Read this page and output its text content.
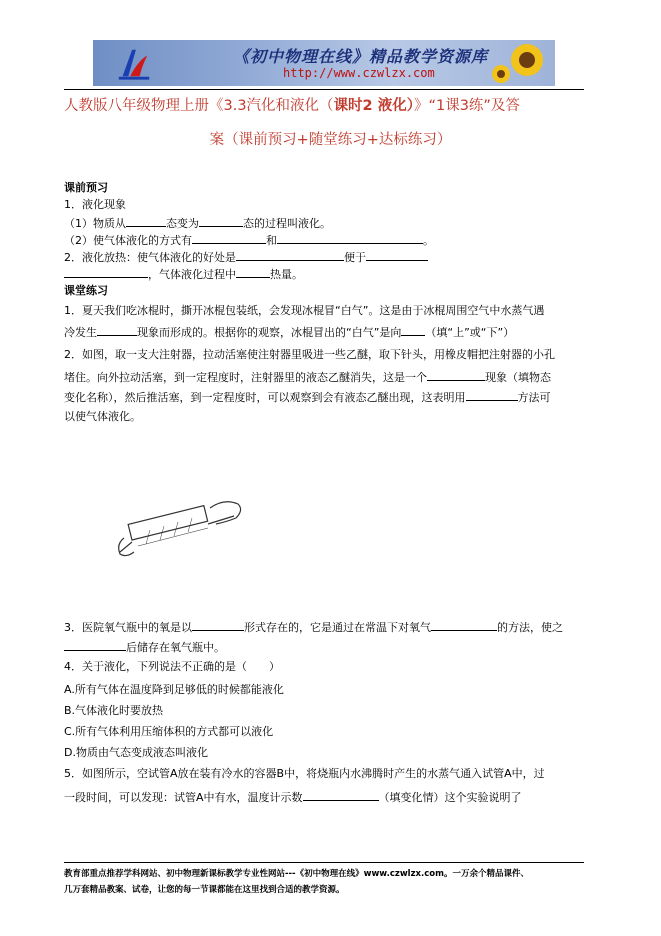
《初中物理在线》精品教学资源库
http://www.czwlzx.com
人教版八年级物理上册《3.3汽化和液化（课时2 液化）》“1课3练”及答
案（课前预习+随堂练习+达标练习）
课前预习
1．液化现象
（1）物质从	态变为	态的过程叫液化。
（2）使气体液化的方式有	和	。
2．液化放热：使气体液化的好处是	便于
，气体液化过程中	热量。
课堂练习
1．夏天我们吃冰棍时，撕开冰棍包装纸，会发现冰棍冒“白气”。这是由于冰棍周围空气中水蒸气遇
冷发生	现象而形成的。根据你的观察，冰棍冒出的“白气”是向 （填“上”或“下”）
2．如图，取一支大注射器，拉动活塞使注射器里吸进一些乙醚，取下针头，用橡皮帽把注射器的小孔
堵住。向外拉动活塞，到一定程度时，注射器里的液态乙醚消失，这是一个	现象（填物态
变化名称），然后推活塞，到一定程度时，可以观察到会有液态乙醚出现，这表明用	方法可
以使气体液化。
3．医院氧气瓶中的氧是以	形式存在的，它是通过在常温下对氧气	的方法，使之
后储存在氧气瓶中。
4．关于液化，下列说法不正确的是（　　）
A.所有气体在温度降到足够低的时候都能液化
B.气体液化时要放热
C.所有气体利用压缩体积的方式都可以液化
D.物质由气态变成液态叫液化
5．如图所示，空试管A放在装有冷水的容器B中，将烧瓶内水沸腾时产生的水蒸气通入试管A中，过
一段时间，可以发现：试管A中有水，温度计示数	（填变化情）这个实验说明了
教育部重点推荐学科网站、初中物理新课标教学专业性网站---《初中物理在线》www.czwlzx.com。一万余个精品课件、
几万套精品教案、试卷，让您的每一节课都能在这里找到合适的教学资源。
